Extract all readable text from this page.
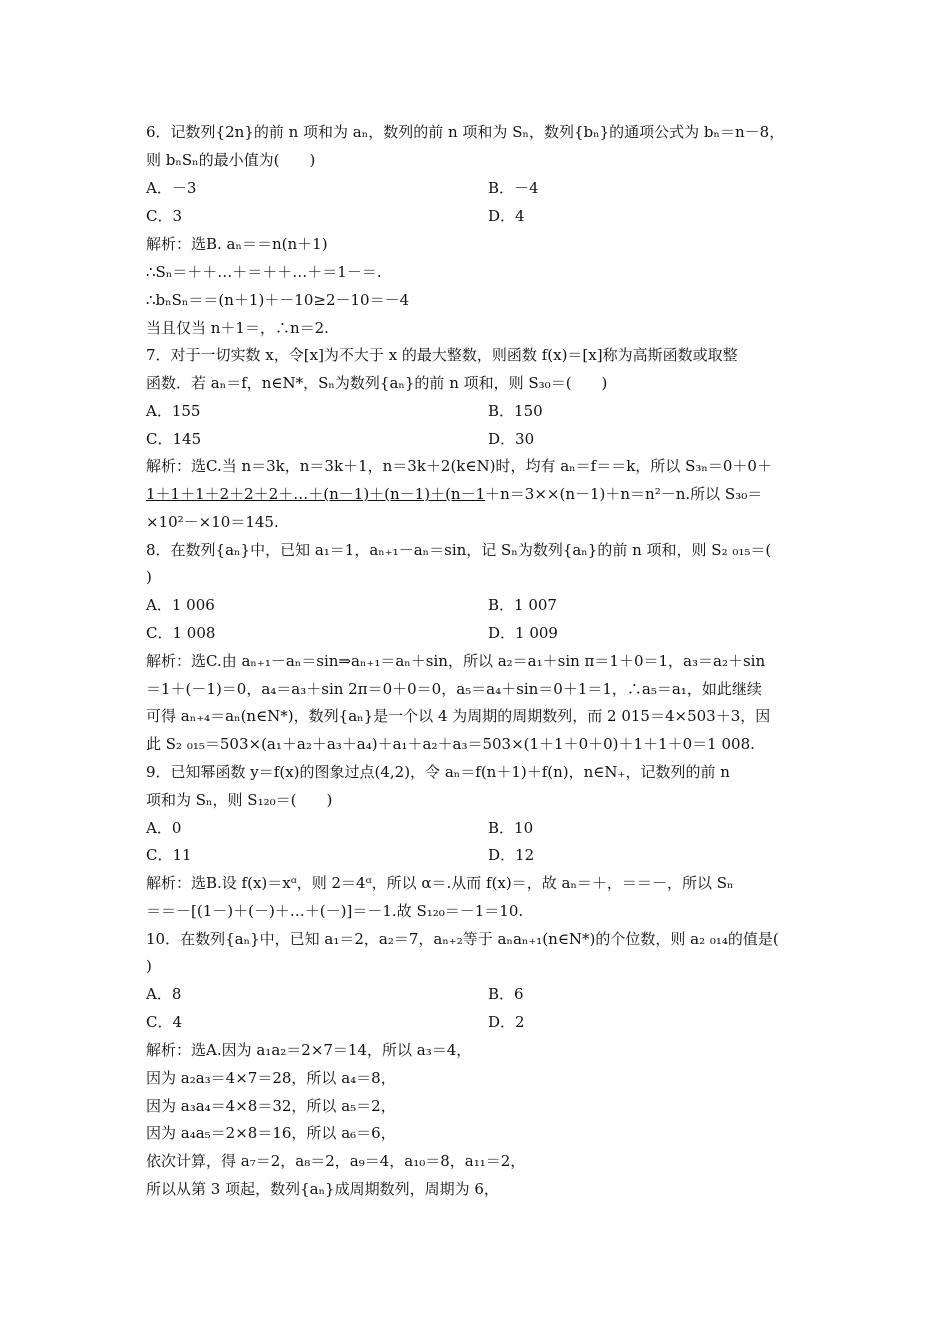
6．记数列{2n}的前 n 项和为 aₙ，数列的前 n 项和为 Sₙ，数列{bₙ}的通项公式为 bₙ＝n－8，
则 bₙSₙ的最小值为(　　)
A．－3	B．－4
C．3	D．4
解析：选B. aₙ＝＝n(n＋1)
∴Sₙ＝＋＋…＋＝＋＋…＋＝1－＝.
∴bₙSₙ＝＝(n＋1)＋－10≥2－10＝－4
当且仅当 n＋1＝，∴n＝2.
7．对于一切实数 x，令[x]为不大于 x 的最大整数，则函数 f(x)＝[x]称为高斯函数或取整
函数．若 aₙ＝f，n∈N*，Sₙ为数列{aₙ}的前 n 项和，则 S₃₀＝(　　)
A．155	B．150
C．145	D．30
解析：选C.当 n＝3k，n＝3k＋1，n＝3k＋2(k∈N)时，均有 aₙ＝f＝＝k，所以 S₃ₙ＝0＋0＋
1＋1＋1＋2＋2＋2＋…＋(n－1)＋(n－1)＋(n－1＋n＝3××(n－1)＋n＝n²－n.所以 S₃₀＝
×10²－×10＝145.
8．在数列{aₙ}中，已知 a₁＝1，aₙ₊₁－aₙ＝sin，记 Sₙ为数列{aₙ}的前 n 项和，则 S₂ ₀₁₅＝(
)
A．1 006	B．1 007
C．1 008	D．1 009
解析：选C.由 aₙ₊₁－aₙ＝sin⇒aₙ₊₁＝aₙ＋sin，所以 a₂＝a₁＋sin π＝1＋0＝1，a₃＝a₂＋sin
＝1＋(－1)＝0，a₄＝a₃＋sin 2π＝0＋0＝0，a₅＝a₄＋sin＝0＋1＝1，∴a₅＝a₁，如此继续
可得 aₙ₊₄＝aₙ(n∈N*)，数列{aₙ}是一个以 4 为周期的周期数列，而 2 015＝4×503＋3，因
此 S₂ ₀₁₅＝503×(a₁＋a₂＋a₃＋a₄)＋a₁＋a₂＋a₃＝503×(1＋1＋0＋0)＋1＋1＋0＝1 008.
9．已知幂函数 y＝f(x)的图象过点(4,2)，令 aₙ＝f(n＋1)＋f(n)，n∈N₊，记数列的前 n
项和为 Sₙ，则 S₁₂₀＝(　　)
A．0	B．10
C．11	D．12
解析：选B.设 f(x)＝xᵅ，则 2＝4ᵅ，所以 α＝.从而 f(x)＝，故 aₙ＝＋，＝＝－，所以 Sₙ
＝＝－[(1－)＋(－)＋…＋(－)]＝－1.故 S₁₂₀＝－1＝10.
10．在数列{aₙ}中，已知 a₁＝2，a₂＝7，aₙ₊₂等于 aₙaₙ₊₁(n∈N*)的个位数，则 a₂ ₀₁₄的值是(
)
A．8	B．6
C．4	D．2
解析：选A.因为 a₁a₂＝2×7＝14，所以 a₃＝4，
因为 a₂a₃＝4×7＝28，所以 a₄＝8，
因为 a₃a₄＝4×8＝32，所以 a₅＝2，
因为 a₄a₅＝2×8＝16，所以 a₆＝6，
依次计算，得 a₇＝2，a₈＝2，a₉＝4，a₁₀＝8，a₁₁＝2，
所以从第 3 项起，数列{aₙ}成周期数列，周期为 6，
